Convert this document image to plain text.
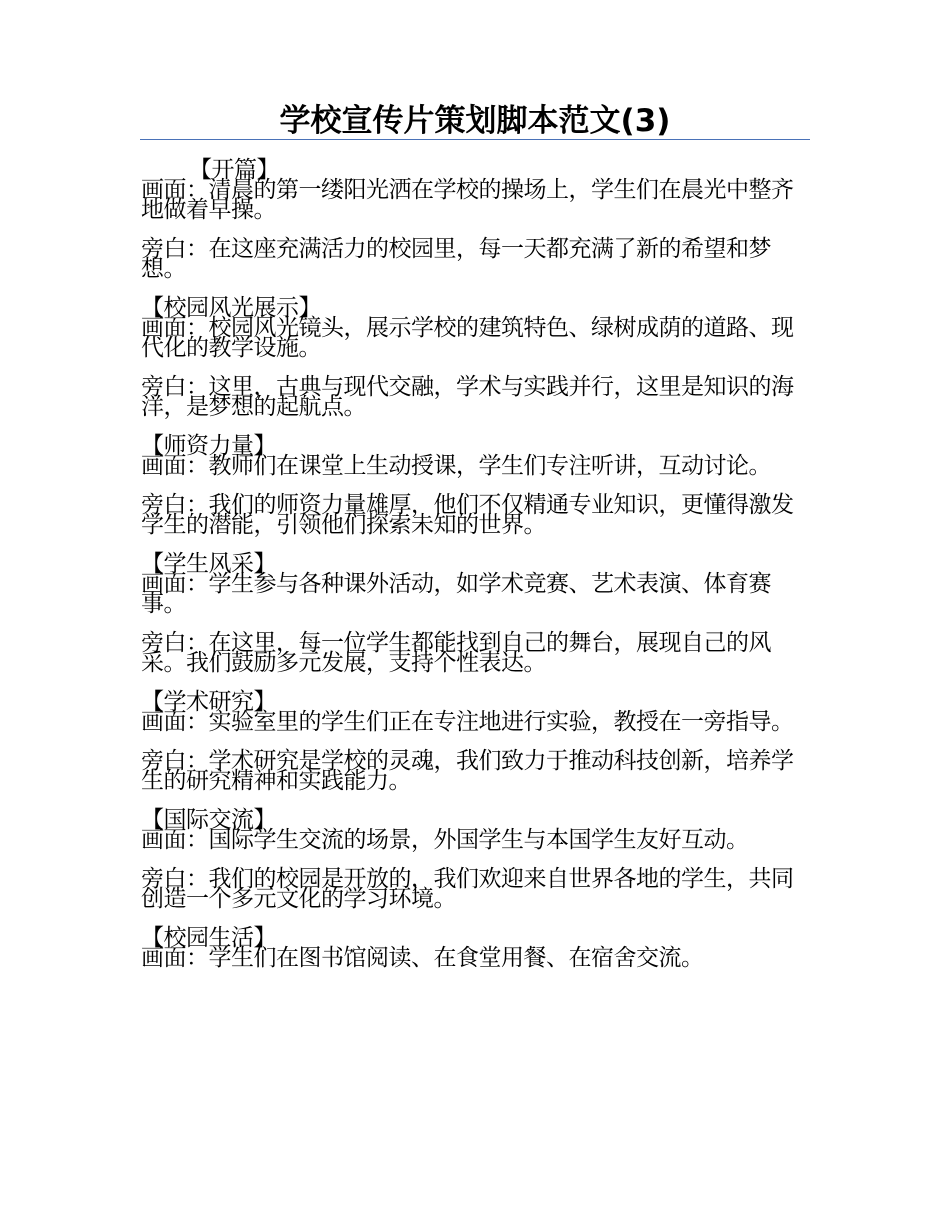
学校宣传片策划脚本范文(3)
【开篇】
画面：清晨的第一缕阳光洒在学校的操场上，学生们在晨光中整齐地做着早操。
旁白：在这座充满活力的校园里，每一天都充满了新的希望和梦想。
【校园风光展示】
画面：校园风光镜头，展示学校的建筑特色、绿树成荫的道路、现代化的教学设施。
旁白：这里，古典与现代交融，学术与实践并行，这里是知识的海洋，是梦想的起航点。
【师资力量】
画面：教师们在课堂上生动授课，学生们专注听讲，互动讨论。
旁白：我们的师资力量雄厚，他们不仅精通专业知识，更懂得激发学生的潜能，引领他们探索未知的世界。
【学生风采】
画面：学生参与各种课外活动，如学术竞赛、艺术表演、体育赛事。
旁白：在这里，每一位学生都能找到自己的舞台，展现自己的风采。我们鼓励多元发展，支持个性表达。
【学术研究】
画面：实验室里的学生们正在专注地进行实验，教授在一旁指导。
旁白：学术研究是学校的灵魂，我们致力于推动科技创新，培养学生的研究精神和实践能力。
【国际交流】
画面：国际学生交流的场景，外国学生与本国学生友好互动。
旁白：我们的校园是开放的，我们欢迎来自世界各地的学生，共同创造一个多元文化的学习环境。
【校园生活】
画面：学生们在图书馆阅读、在食堂用餐、在宿舍交流。
